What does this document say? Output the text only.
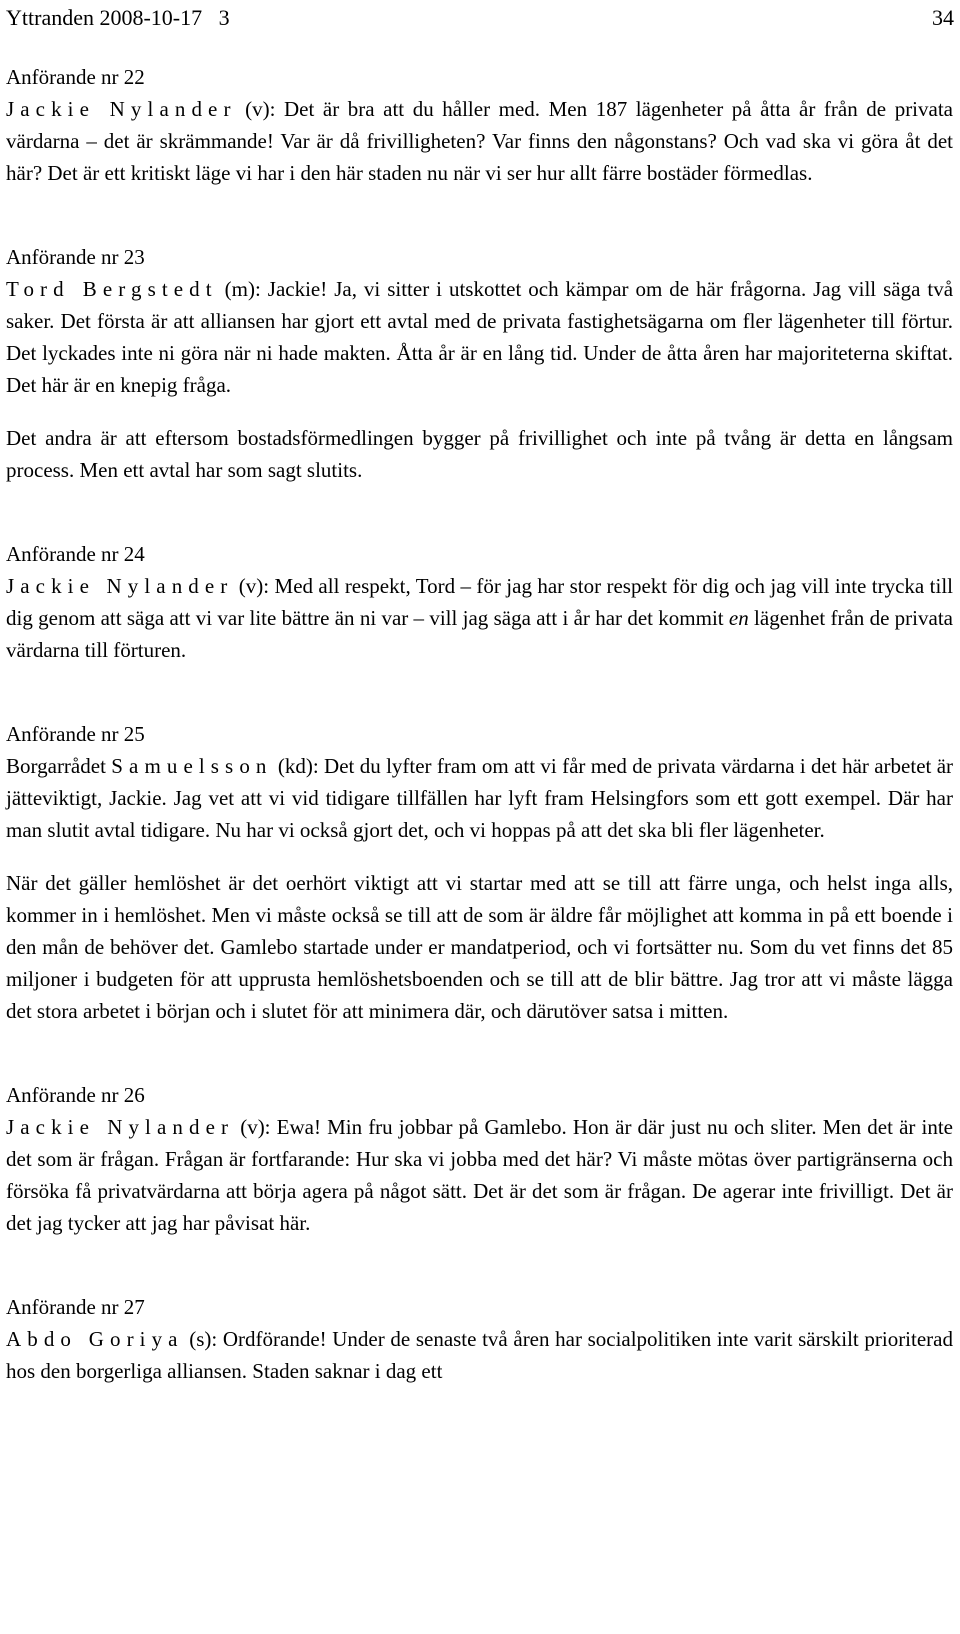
Yttranden 2008-10-17   3	34
Anförande nr 22

Jackie Nylander (v): Det är bra att du håller med. Men 187 lägenheter på åtta år från de privata värdarna – det är skrämmande! Var är då frivilligheten? Var finns den någonstans? Och vad ska vi göra åt det här? Det är ett kritiskt läge vi har i den här staden nu när vi ser hur allt färre bostäder förmedlas.

Anförande nr 23

Tord Bergstedt (m): Jackie! Ja, vi sitter i utskottet och kämpar om de här frågorna. Jag vill säga två saker. Det första är att alliansen har gjort ett avtal med de privata fastighetsägarna om fler lägenheter till förtur. Det lyckades inte ni göra när ni hade makten. Åtta år är en lång tid. Under de åtta åren har majoriteterna skiftat. Det här är en knepig fråga.

Det andra är att eftersom bostadsförmedlingen bygger på frivillighet och inte på tvång är detta en långsam process. Men ett avtal har som sagt slutits.

Anförande nr 24

Jackie Nylander (v): Med all respekt, Tord – för jag har stor respekt för dig och jag vill inte trycka till dig genom att säga att vi var lite bättre än ni var – vill jag säga att i år har det kommit en lägenhet från de privata värdarna till förturen.

Anförande nr 25

Borgarrådet Samuelsson (kd): Det du lyfter fram om att vi får med de privata värdarna i det här arbetet är jätteviktigt, Jackie. Jag vet att vi vid tidigare tillfällen har lyft fram Helsingfors som ett gott exempel. Där har man slutit avtal tidigare. Nu har vi också gjort det, och vi hoppas på att det ska bli fler lägenheter.

När det gäller hemlöshet är det oerhört viktigt att vi startar med att se till att färre unga, och helst inga alls, kommer in i hemlöshet. Men vi måste också se till att de som är äldre får möjlighet att komma in på ett boende i den mån de behöver det. Gamlebo startade under er mandatperiod, och vi fortsätter nu. Som du vet finns det 85 miljoner i budgeten för att upprusta hemlöshetsboenden och se till att de blir bättre. Jag tror att vi måste lägga det stora arbetet i början och i slutet för att minimera där, och därutöver satsa i mitten.

Anförande nr 26

Jackie Nylander (v): Ewa! Min fru jobbar på Gamlebo. Hon är där just nu och sliter. Men det är inte det som är frågan. Frågan är fortfarande: Hur ska vi jobba med det här? Vi måste mötas över partigränserna och försöka få privatvärdarna att börja agera på något sätt. Det är det som är frågan. De agerar inte frivilligt. Det är det jag tycker att jag har påvisat här.

Anförande nr 27

Abdo Goriya (s): Ordförande! Under de senaste två åren har socialpolitiken inte varit särskilt prioriterad hos den borgerliga alliansen. Staden saknar i dag ett
